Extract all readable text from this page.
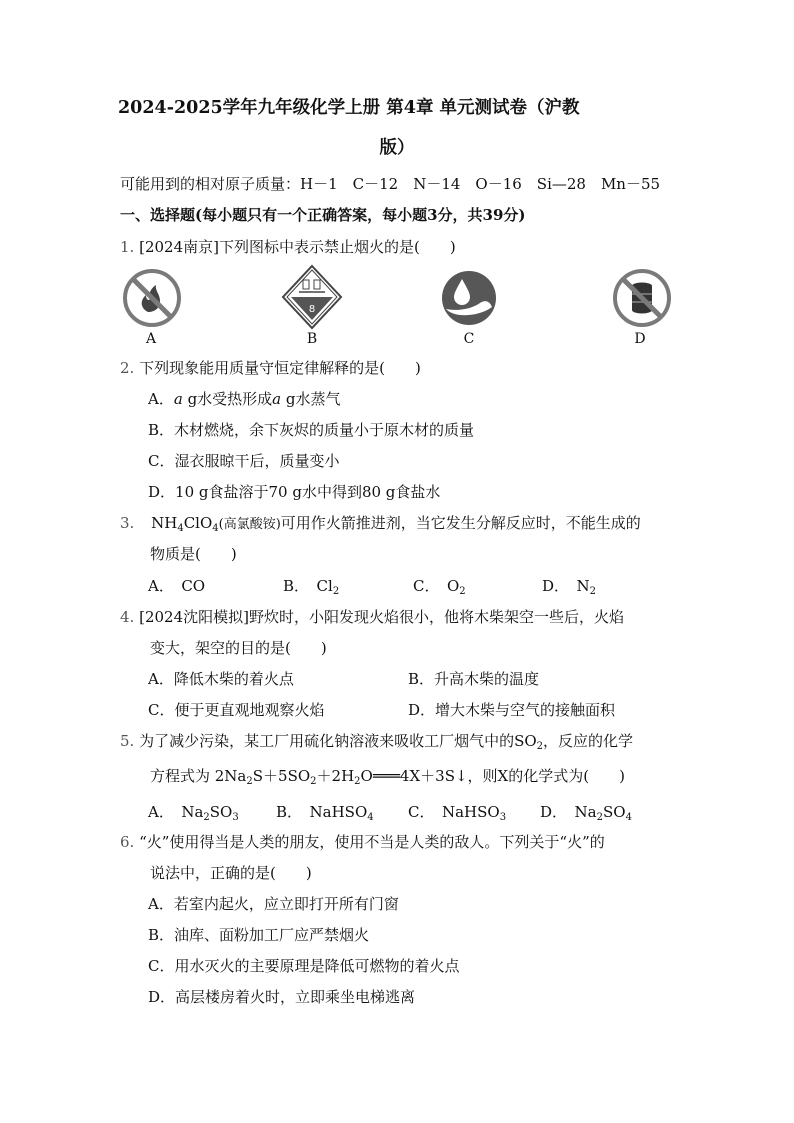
2024-2025学年九年级化学上册 第4章 单元测试卷（沪教
版）
可能用到的相对原子质量：H－1　C－12　N－14　O－16　Si—28　Mn－55
一、选择题(每小题只有一个正确答案，每小题3分，共39分)
1. [2024南京]下列图标中表示禁止烟火的是(　　)
A
8
B	C	D
2. 下列现象能用质量守恒定律解释的是(　　)
A．a g水受热形成a g水蒸气
B．木材燃烧，余下灰烬的质量小于原木材的质量
C．湿衣服晾干后，质量变小
D．10 g食盐溶于70 g水中得到80 g食盐水
3. $NH_4ClO_4$(高氯酸铵)可用作火箭推进剂，当它发生分解反应时，不能生成的
物质是(　　)
A．　CO	B．　$Cl_2$	C．　$O_2$	D．　$N_2$
4. [2024沈阳模拟]野炊时，小阳发现火焰很小，他将木柴架空一些后，火焰
变大，架空的目的是(　　)
A．降低木柴的着火点	B．升高木柴的温度
C．便于更直观地观察火焰	D．增大木柴与空气的接触面积
5. 为了减少污染，某工厂用硫化钠溶液来吸收工厂烟气中的$SO_2$，反应的化学
方程式为 $2Na_2S+5SO_2+2H_2O═══4X+3S↓$，则X的化学式为(　　)
A．　$Na_2SO_3$ B．　NaHSO$_4$ C．　NaHSO$_3$ D．　$Na_2SO_4$
6. “火”使用得当是人类的朋友，使用不当是人类的敌人。下列关于“火”的
说法中，正确的是(　　)
A．若室内起火，应立即打开所有门窗
B．油库、面粉加工厂应严禁烟火
C．用水灭火的主要原理是降低可燃物的着火点
D．高层楼房着火时，立即乘坐电梯逃离
